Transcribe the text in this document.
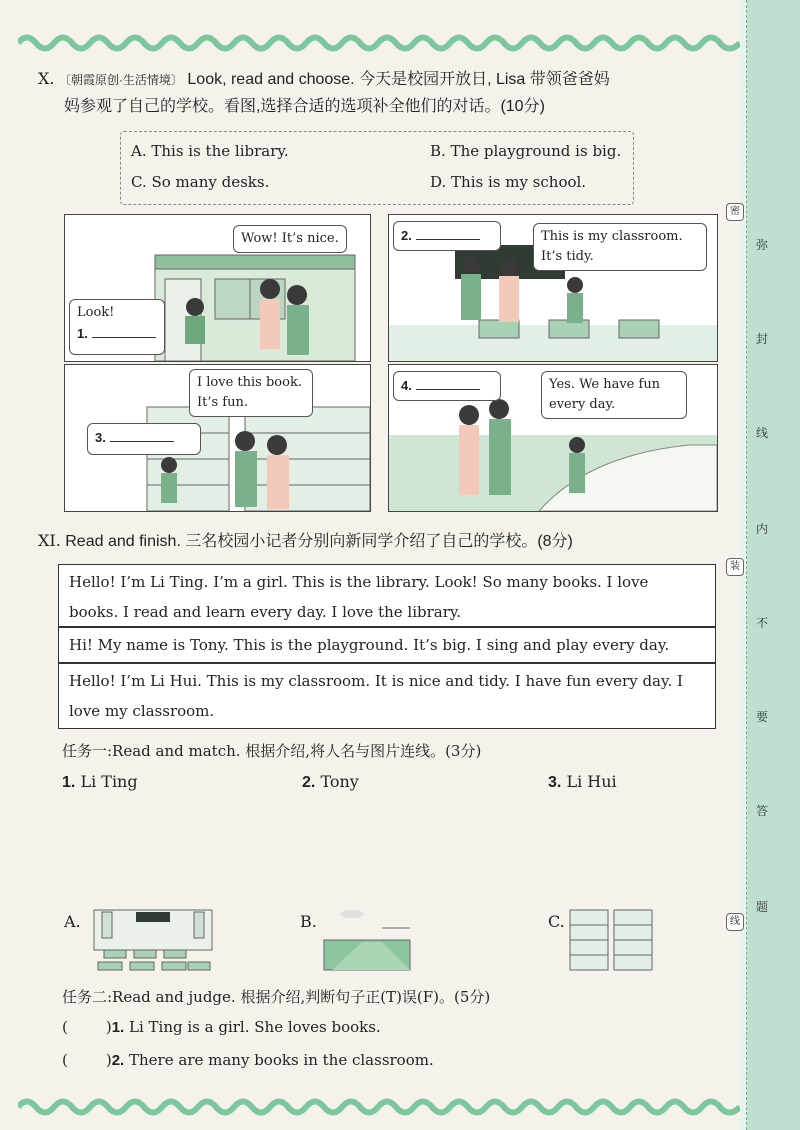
密
装
线
弥
封
线
内
不
要
答
题
X. 〔朝霞原创·生活情境〕 Look, read and choose. 今天是校园开放日, Lisa 带领爸爸妈
妈参观了自己的学校。看图,选择合适的选项补全他们的对话。(10分)
A. This is the library.	B. The playground is big.
C. So many desks.	D. This is my school.
Wow! It’s nice.
Look!
1.
2.	This is my classroom.
It’s tidy.
I love this book.
It’s fun.
3.
4.	Yes. We have fun
every day.
XI. Read and finish. 三名校园小记者分别向新同学介绍了自己的学校。(8分)
Hello! I’m Li Ting. I’m a girl. This is the library. Look! So many books. I love
books. I read and learn every day. I love the library.
Hi! My name is Tony. This is the playground. It’s big. I sing and play every day.
Hello! I’m Li Hui. This is my classroom. It is nice and tidy. I have fun every day. I
love my classroom.
任务一:Read and match. 根据介绍,将人名与图片连线。(3分)
1. Li Ting	2. Tony	3. Li Hui
A.	B.	C.
任务二:Read and judge. 根据介绍,判断句子正(T)误(F)。(5分)
(	)1. Li Ting is a girl. She loves books.
(	)2. There are many books in the classroom.
